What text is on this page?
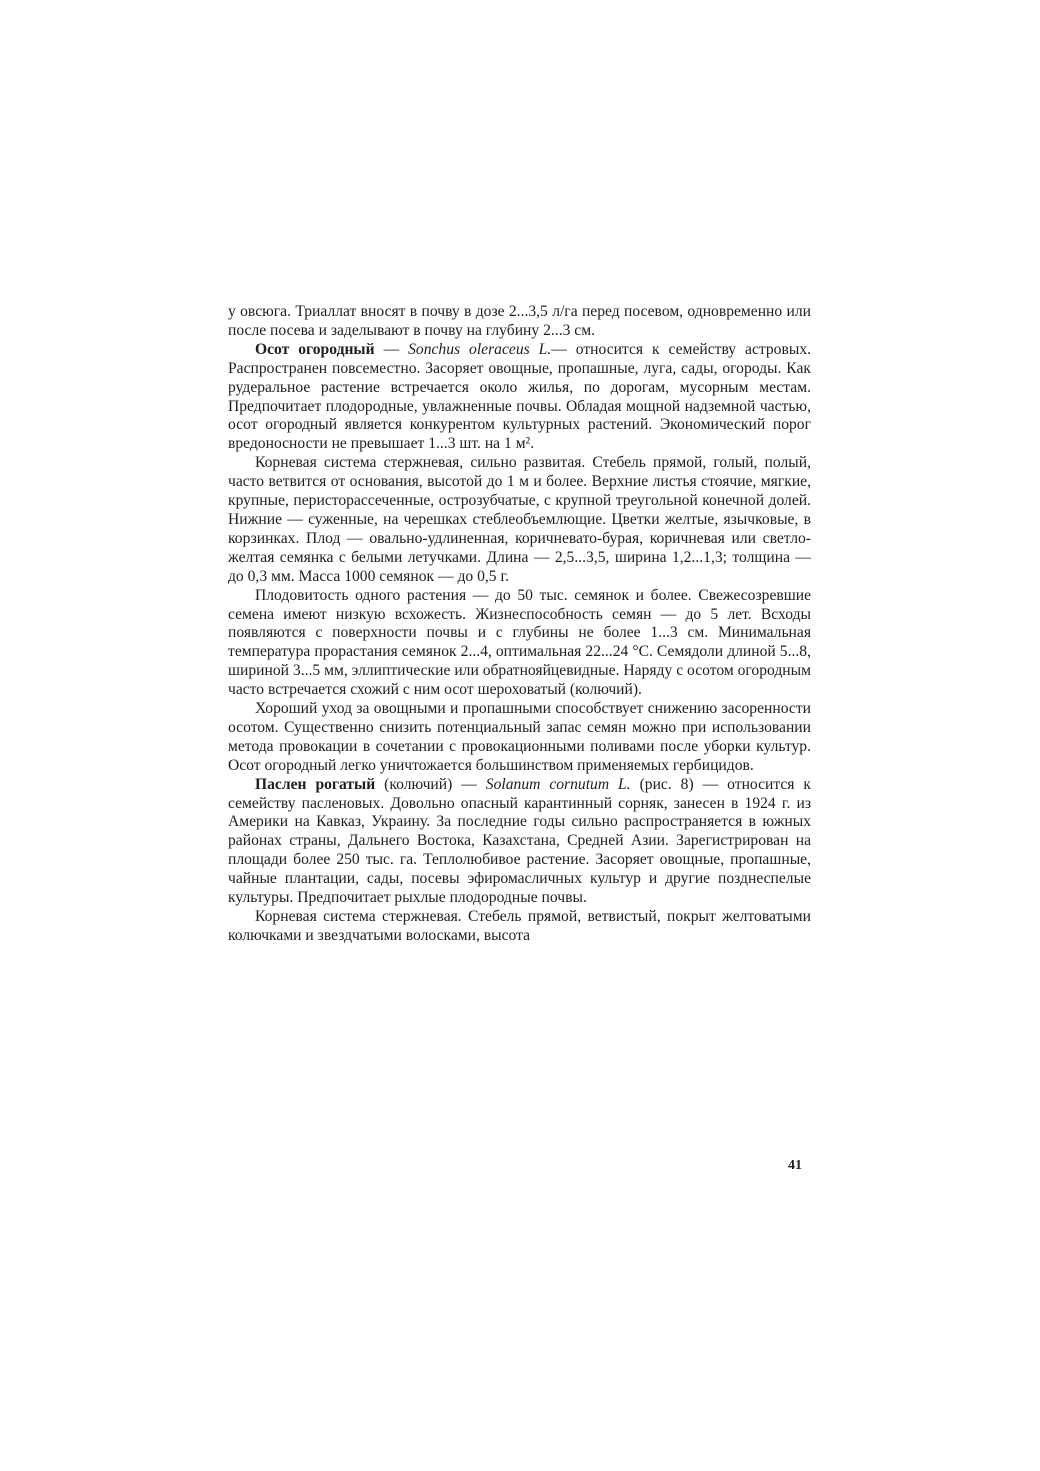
у овсюга. Триаллат вносят в почву в дозе 2...3,5 л/га перед посевом, одновременно или после посева и заделывают в почву на глубину 2...3 см.

Осот огородный — Sonchus oleraceus L.— относится к семейству астровых. Распространен повсеместно. Засоряет овощные, пропашные, луга, сады, огороды. Как рудеральное растение встречается около жилья, по дорогам, мусорным местам. Предпочитает плодородные, увлажненные почвы. Обладая мощной надземной частью, осот огородный является конкурентом культурных растений. Экономический порог вредоносности не превышает 1...3 шт. на 1 м².

Корневая система стержневая, сильно развитая. Стебель прямой, голый, полый, часто ветвится от основания, высотой до 1 м и более. Верхние листья стоячие, мягкие, крупные, перистораcсеченные, острозубчатые, с крупной треугольной конечной долей. Нижние — суженные, на черешках стеблеобъемлющие. Цветки желтые, язычковые, в корзинках. Плод — овально-удлиненная, коричневато-бурая, коричневая или светло-желтая семянка с белыми летучками. Длина — 2,5...3,5, ширина 1,2...1,3; толщина — до 0,3 мм. Масса 1000 семянок — до 0,5 г.

Плодовитость одного растения — до 50 тыс. семянок и более. Свежесозревшие семена имеют низкую всхожесть. Жизнеспособность семян — до 5 лет. Всходы появляются с поверхности почвы и с глубины не более 1...3 см. Минимальная температура прорастания семянок 2...4, оптимальная 22...24 °C. Семядоли длиной 5...8, шириной 3...5 мм, эллиптические или обратнояйцевидные. Наряду с осотом огородным часто встречается схожий с ним осот шероховатый (колючий).

Хороший уход за овощными и пропашными способствует снижению засоренности осотом. Существенно снизить потенциальный запас семян можно при использовании метода провокации в сочетании с провокационными поливами после уборки культур. Осот огородный легко уничтожается большинством применяемых гербицидов.

Паслен рогатый (колючий) — Solanum cornutum L. (рис. 8) — относится к семейству пасленовых. Довольно опасный карантинный сорняк, занесен в 1924 г. из Америки на Кавказ, Украину. За последние годы сильно распространяется в южных районах страны, Дальнего Востока, Казахстана, Средней Азии. Зарегистрирован на площади более 250 тыс. га. Теплолюбивое растение. Засоряет овощные, пропашные, чайные плантации, сады, посевы эфиромасличных культур и другие позднеспелые культуры. Предпочитает рыхлые плодородные почвы.

Корневая система стержневая. Стебель прямой, ветвистый, покрыт желтоватыми колючками и звездчатыми волосками, высота

41
